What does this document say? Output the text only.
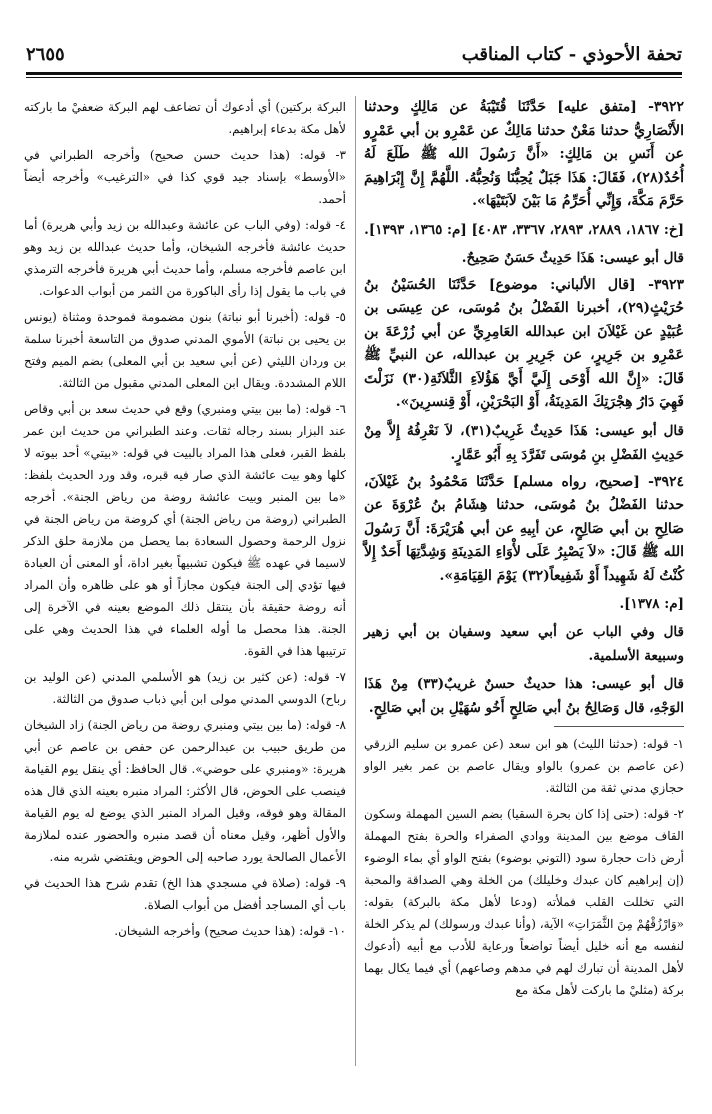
تحفة الأحوذي - كتاب المناقب
٢٦٥٥

٣٩٢٢- [متفق عليه] حَدَّثَنَا قُتَيْبَةُ عن مَالِكٍ وحدثنا الأَنْصَارِيُّ حدثنا مَعْنٌ حدثنا مَالِكٌ عن عَمْرِو بن أبي عَمْرٍو عن أَنَسِ بن مَالِكٍ: «أَنَّ رَسُولَ الله ﷺ طَلَعَ لَهُ أُحُدٌ(٢٨)، فَقَالَ: هَذَا جَبَلٌ يُحِبُّنَا وَنُحِبُّهُ. اللَّهُمَّ إِنَّ إِبْرَاهِيمَ حَرَّمَ مَكَّةَ، وَإِنِّي أُحَرِّمُ مَا بَيْنَ لاَبَتَيْهَا».

[خ: ١٨٦٧، ٢٨٨٩، ٢٨٩٣، ٣٣٦٧، ٤٠٨٣] [م: ١٣٦٥، ١٣٩٣].

قال أبو عيسى: هَذَا حَدِيثٌ حَسَنٌ صَحِيحٌ.

٣٩٢٣- [قال الألباني: موضوع] حَدَّثَنَا الحُسَيْنُ بنُ حُرَيْثٍ(٢٩)، أخبرنا الفَضْلُ بنُ مُوسَى، عن عِيسَى بن عُبَيْدٍ عن غَيْلاَنَ ابن عبدالله العَامِرِيِّ عن أبي زُرْعَةَ بن عَمْرِو بن جَرِيرٍ، عن جَرِيرِ بن عبدالله، عن النبيِّ ﷺ قَالَ: «إِنَّ الله أَوْحَى إِلَيَّ أَيَّ هَؤُلاَءِ الثَّلاَثَةِ(٣٠) نَزَلْتَ فَهِيَ دَارُ هِجْرَتِكَ المَدِينَةُ، أَوْ البَحْرَيْنِ، أَوْ قِنسرِينَ».

قال أبو عيسى: هَذَا حَدِيثٌ غَرِيبٌ(٣١)، لاَ نَعْرِفُهُ إِلاَّ مِنْ حَدِيثِ الفَضْلِ بنِ مُوسَى تَفَرَّدَ بِهِ أَبُو عَمَّارٍ.

٣٩٢٤- [صحيح، رواه مسلم] حَدَّثَنَا مَحْمُودُ بنُ غَيْلاَنَ، حدثنا الفَضْلُ بنُ مُوسَى، حدثنا هِشَامُ بنُ عُرْوَةَ عن صَالِحِ بن أبي صَالِحٍ، عن أبِيهِ عن أبي هُرَيْرَةَ: أَنَّ رَسُولَ الله ﷺ قَالَ: «لاَ يَصْبِرُ عَلَى لأْوَاءِ المَدِينَةِ وَشِدَّتِهَا أَحَدٌ إِلاَّ كُنْتُ لَهُ شَهِيداً أَوْ شَفِيعاً(٣٢) يَوْمَ القِيَامَةِ».

[م: ١٣٧٨].

قال وفي الباب عن أبي سعيد وسفيان بن أبي زهير وسبيعة الأسلمية.

قال أبو عيسى: هذا حديثٌ حسنٌ غريبٌ(٣٣) مِنْ هَذَا الوَجْهِ، قال وَصَالِحُ بنُ أبي صَالِحٍ أَخُو سُهَيْلِ بن أبي صَالِحٍ.

١- قوله: (حدثنا الليث) هو ابن سعد (عن عمرو بن سليم الزرقي (عن عاصم بن عمرو) بالواو ويقال عاصم بن عمر بغير الواو حجازي مدني ثقة من الثالثة.

٢- قوله: (حتى إذا كان بحرة السقيا) بضم السين المهملة وسكون القاف موضع بين المدينة ووادي الصفراء والحرة بفتح المهملة أرض ذات حجارة سود (التوني بوضوء) بفتح الواو أي بماء الوضوء (إن إبراهيم كان عبدك وخليلك) من الخلة وهي الصداقة والمحبة التي تخللت القلب فملأته (ودعا لأهل مكة بالبركة) بقوله: «وَارْزُقْهُمْ مِنَ الثَّمَرَاتِ» الآية، (وأنا عبدك ورسولك) لم يذكر الخلة لنفسه مع أنه خليل أيضاً تواضعاً ورعاية للأدب مع أبيه (أدعوك لأهل المدينة أن تبارك لهم في مدهم وصاعهم) أي فيما يكال بهما بركة (مثليْ ما باركت لأهل مكة مع

البركة بركتين) أي أدعوك أن تضاعف لهم البركة ضعفيْ ما باركته لأهل مكة بدعاء إبراهيم.

٣- قوله: (هذا حديث حسن صحيح) وأخرجه الطبراني في «الأوسط» بإسناد جيد قوي كذا في «الترغيب» وأخرجه أيضاً أحمد.

٤- قوله: (وفي الباب عن عائشة وعبدالله بن زيد وأبي هريرة) أما حديث عائشة فأخرجه الشيخان، وأما حديث عبدالله بن زيد وهو ابن عاصم فأخرجه مسلم، وأما حديث أبي هريرة فأخرجه الترمذي في باب ما يقول إذا رأى الباكورة من الثمر من أبواب الدعوات.

٥- قوله: (أخبرنا أبو نباتة) بنون مضمومة فموحدة ومثناة (يونس بن يحيى بن نباتة) الأموي المدني صدوق من التاسعة أخبرنا سلمة بن وردان الليثي (عن أبي سعيد بن أبي المعلى) بضم الميم وفتح اللام المشددة. ويقال ابن المعلى المدني مقبول من الثالثة.

٦- قوله: (ما بين بيتي ومنبري) وقع في حديث سعد بن أبي وقاص عند البزار بسند رجاله ثقات. وعند الطبراني من حديث ابن عمر بلفظ القبر، فعلى هذا المراد بالبيت في قوله: «بيتي» أحد بيوته لا كلها وهو بيت عائشة الذي صار فيه قبره، وقد ورد الحديث بلفظ: «ما بين المنبر وبيت عائشة روضة من رياض الجنة». أخرجه الطبراني (روضة من رياض الجنة) أي كروضة من رياض الجنة في نزول الرحمة وحصول السعادة بما يحصل من ملازمة حلق الذكر لاسيما في عهده ﷺ فيكون تشبيهاً بغير اداة، أو المعنى أن العبادة فيها تؤدي إلى الجنة فيكون مجازاً أو هو على ظاهره وأن المراد أنه روضة حقيقة بأن ينتقل ذلك الموضع بعينه في الآخرة إلى الجنة. هذا محصل ما أوله العلماء في هذا الحديث وهي على ترتيبها هذا في القوة.

٧- قوله: (عن كثير بن زيد) هو الأسلمي المدني (عن الوليد بن رباح) الدوسي المدني مولى ابن أبي ذباب صدوق من الثالثة.

٨- قوله: (ما بين بيتي ومنبري روضة من رياض الجنة) زاد الشيخان من طريق حبيب بن عبدالرحمن عن حفص بن عاصم عن أبي هريرة: «ومنبري على حوضي». قال الحافظ: أي ينقل يوم القيامة فينصب على الحوض، قال الأكثر: المراد منبره بعينه الذي قال هذه المقالة وهو فوقه، وقيل المراد المنبر الذي يوضع له يوم القيامة والأول أظهر، وقيل معناه أن قصد منبره والحضور عنده لملازمة الأعمال الصالحة يورد صاحبه إلى الحوض ويقتضي شربه منه.

٩- قوله: (صلاة في مسجدي هذا الخ) تقدم شرح هذا الحديث في باب أي المساجد أفضل من أبواب الصلاة.

١٠- قوله: (هذا حديث صحيح) وأخرجه الشيخان.
